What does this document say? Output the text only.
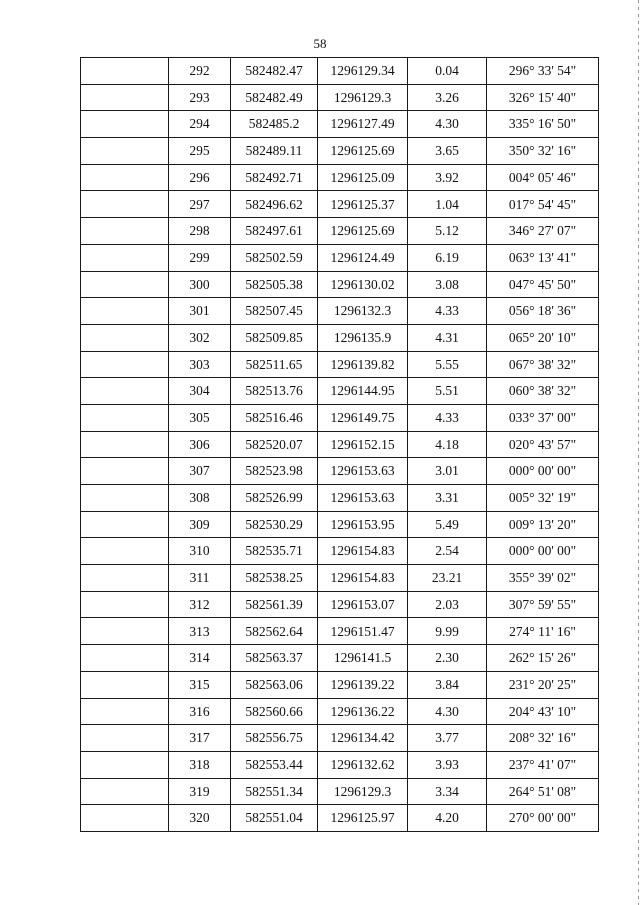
58
	292	582482.47	1296129.34	0.04	296° 33' 54"
	293	582482.49	1296129.3	3.26	326° 15' 40"
	294	582485.2	1296127.49	4.30	335° 16' 50"
	295	582489.11	1296125.69	3.65	350° 32' 16"
	296	582492.71	1296125.09	3.92	004° 05' 46"
	297	582496.62	1296125.37	1.04	017° 54' 45"
	298	582497.61	1296125.69	5.12	346° 27' 07"
	299	582502.59	1296124.49	6.19	063° 13' 41"
	300	582505.38	1296130.02	3.08	047° 45' 50"
	301	582507.45	1296132.3	4.33	056° 18' 36"
	302	582509.85	1296135.9	4.31	065° 20' 10"
	303	582511.65	1296139.82	5.55	067° 38' 32"
	304	582513.76	1296144.95	5.51	060° 38' 32"
	305	582516.46	1296149.75	4.33	033° 37' 00"
	306	582520.07	1296152.15	4.18	020° 43' 57"
	307	582523.98	1296153.63	3.01	000° 00' 00"
	308	582526.99	1296153.63	3.31	005° 32' 19"
	309	582530.29	1296153.95	5.49	009° 13' 20"
	310	582535.71	1296154.83	2.54	000° 00' 00"
	311	582538.25	1296154.83	23.21	355° 39' 02"
	312	582561.39	1296153.07	2.03	307° 59' 55"
	313	582562.64	1296151.47	9.99	274° 11' 16"
	314	582563.37	1296141.5	2.30	262° 15' 26"
	315	582563.06	1296139.22	3.84	231° 20' 25"
	316	582560.66	1296136.22	4.30	204° 43' 10"
	317	582556.75	1296134.42	3.77	208° 32' 16"
	318	582553.44	1296132.62	3.93	237° 41' 07"
	319	582551.34	1296129.3	3.34	264° 51' 08"
	320	582551.04	1296125.97	4.20	270° 00' 00"
